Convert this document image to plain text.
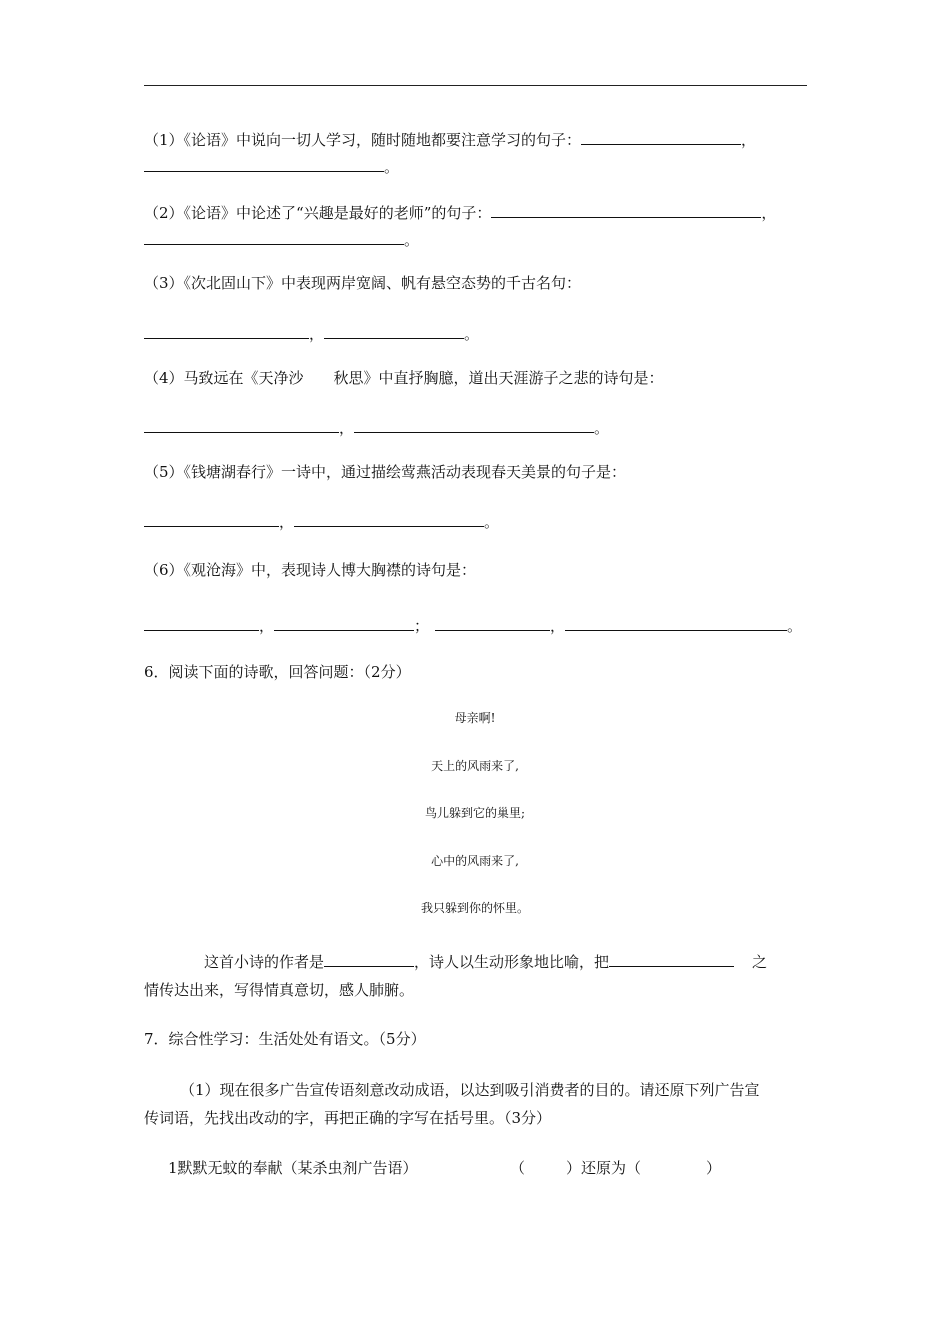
（1）《论语》中说向一切人学习，随时随地都要注意学习的句子：	，
。
（2）《论语》中论述了“兴趣是最好的老师”的句子：	，
。
（3）《次北固山下》中表现两岸宽阔、帆有悬空态势的千古名句：
，	。
（4）马致远在《天净沙　　秋思》中直抒胸臆，道出天涯游子之悲的诗句是：
，	。
（5）《钱塘湖春行》一诗中，通过描绘莺燕活动表现春天美景的句子是：
，	。
（6）《观沧海》中，表现诗人博大胸襟的诗句是：
，	；	，	。
6．阅读下面的诗歌，回答问题：（2分）
母亲啊!
天上的风雨来了,
鸟儿躲到它的巢里;
心中的风雨来了,
我只躲到你的怀里。
这首小诗的作者是	，诗人以生动形象地比喻，把	之
情传达出来，写得情真意切，感人肺腑。
7．综合性学习：生活处处有语文。（5分）
（1）现在很多广告宣传语刻意改动成语，以达到吸引消费者的目的。请还原下列广告宣
传词语，先找出改动的字，再把正确的字写在括号里。（3分）
1默默无蚊的奉献（某杀虫剂广告语）	（	）还原为（	）
